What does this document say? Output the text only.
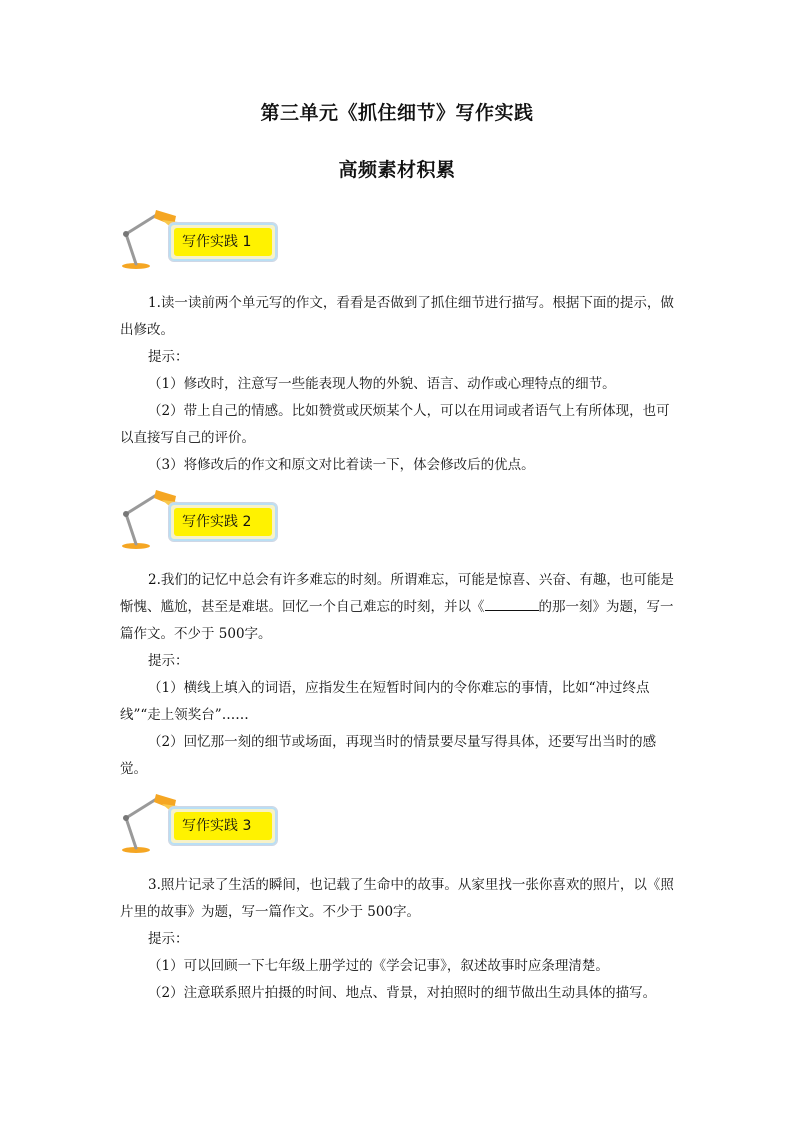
第三单元《抓住细节》写作实践
高频素材积累
写作实践 1
1.读一读前两个单元写的作文，看看是否做到了抓住细节进行描写。根据下面的提示，做出修改。
提示：
（1）修改时，注意写一些能表现人物的外貌、语言、动作或心理特点的细节。
（2）带上自己的情感。比如赞赏或厌烦某个人，可以在用词或者语气上有所体现，也可以直接写自己的评价。
（3）将修改后的作文和原文对比着读一下，体会修改后的优点。
写作实践 2
2.我们的记忆中总会有许多难忘的时刻。所谓难忘，可能是惊喜、兴奋、有趣，也可能是惭愧、尴尬，甚至是难堪。回忆一个自己难忘的时刻，并以《	的那一刻》为题，写一篇作文。不少于 500字。
提示：
（1）横线上填入的词语，应指发生在短暂时间内的令你难忘的事情，比如“冲过终点线”“走上领奖台”……
（2）回忆那一刻的细节或场面，再现当时的情景要尽量写得具体，还要写出当时的感觉。
写作实践 3
3.照片记录了生活的瞬间，也记载了生命中的故事。从家里找一张你喜欢的照片，以《照片里的故事》为题，写一篇作文。不少于 500字。
提示：
（1）可以回顾一下七年级上册学过的《学会记事》，叙述故事时应条理清楚。
（2）注意联系照片拍摄的时间、地点、背景，对拍照时的细节做出生动具体的描写。
